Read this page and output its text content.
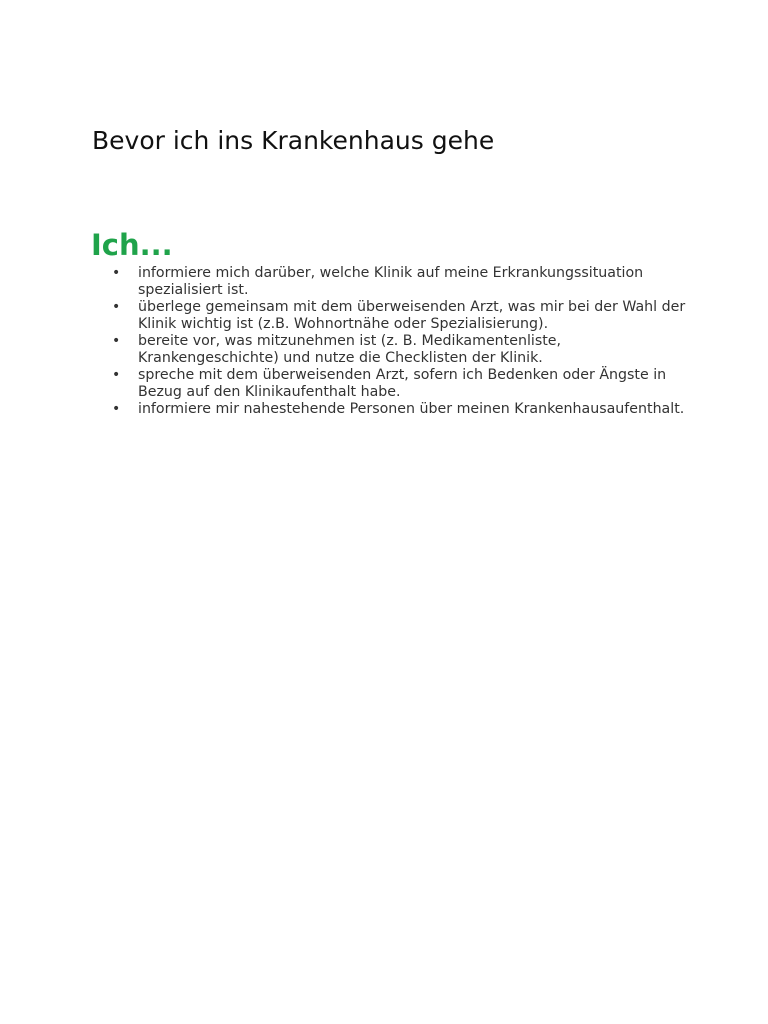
Bevor ich ins Krankenhaus gehe
Ich...
• informiere mich darüber, welche Klinik auf meine Erkrankungssituation spezialisiert ist.
• überlege gemeinsam mit dem überweisenden Arzt, was mir bei der Wahl der Klinik wichtig ist (z.B. Wohnortnähe oder Spezialisierung).
• bereite vor, was mitzunehmen ist (z. B. Medikamentenliste, Krankengeschichte) und nutze die Checklisten der Klinik.
• spreche mit dem überweisenden Arzt, sofern ich Bedenken oder Ängste in Bezug auf den Klinikaufenthalt habe.
• informiere mir nahestehende Personen über meinen Krankenhausaufenthalt.
